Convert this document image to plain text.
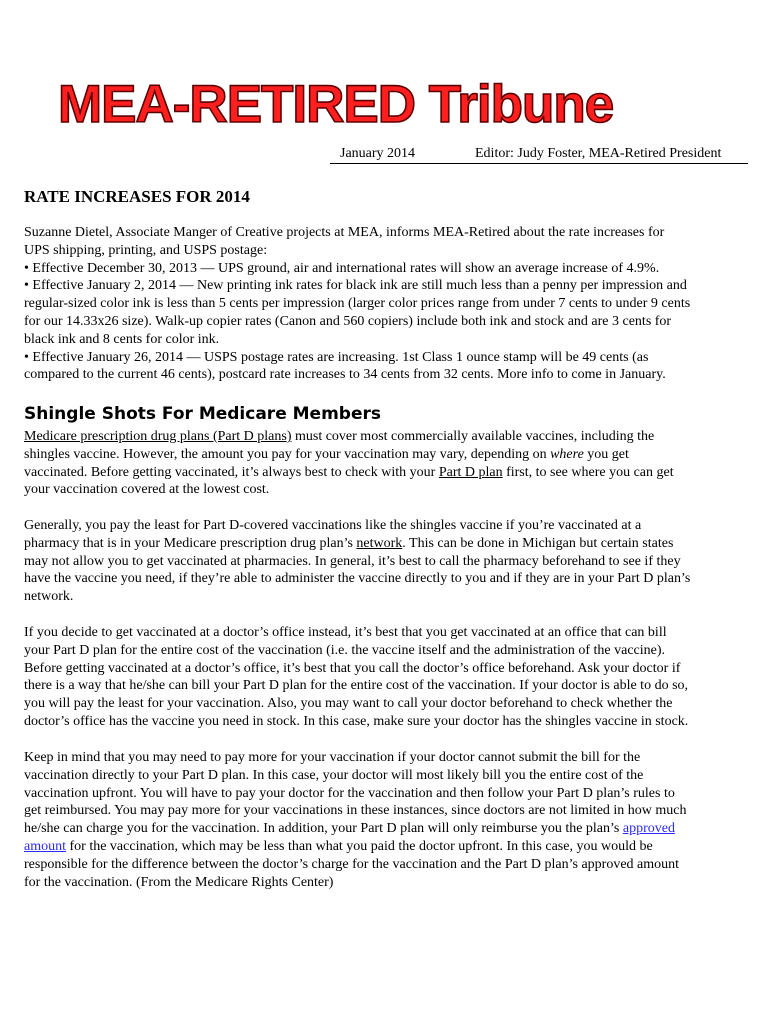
MEA-RETIRED Tribune
January 2014	Editor: Judy Foster, MEA-Retired President
RATE INCREASES FOR 2014

Suzanne Dietel, Associate Manger of Creative projects at MEA, informs MEA-Retired about the rate increases for

UPS shipping, printing, and USPS postage:

• Effective December 30, 2013 — UPS ground, air and international rates will show an average increase of 4.9%.

• Effective January 2, 2014 — New printing ink rates for black ink are still much less than a penny per impression and

regular-sized color ink is less than 5 cents per impression (larger color prices range from under 7 cents to under 9 cents

for our 14.33x26 size). Walk-up copier rates (Canon and 560 copiers) include both ink and stock and are 3 cents for

black ink and 8 cents for color ink.

• Effective January 26, 2014 — USPS postage rates are increasing. 1st Class 1 ounce stamp will be 49 cents (as

compared to the current 46 cents), postcard rate increases to 34 cents from 32 cents. More info to come in January.

Shingle Shots For Medicare Members

Medicare prescription drug plans (Part D plans) must cover most commercially available vaccines, including the

shingles vaccine. However, the amount you pay for your vaccination may vary, depending on where you get

vaccinated. Before getting vaccinated, it’s always best to check with your Part D plan first, to see where you can get

your vaccination covered at the lowest cost.

Generally, you pay the least for Part D-covered vaccinations like the shingles vaccine if you’re vaccinated at a

pharmacy that is in your Medicare prescription drug plan’s network. This can be done in Michigan but certain states

may not allow you to get vaccinated at pharmacies. In general, it’s best to call the pharmacy beforehand to see if they

have the vaccine you need, if they’re able to administer the vaccine directly to you and if they are in your Part D plan’s

network.

If you decide to get vaccinated at a doctor’s office instead, it’s best that you get vaccinated at an office that can bill

your Part D plan for the entire cost of the vaccination (i.e. the vaccine itself and the administration of the vaccine).

Before getting vaccinated at a doctor’s office, it’s best that you call the doctor’s office beforehand. Ask your doctor if

there is a way that he/she can bill your Part D plan for the entire cost of the vaccination. If your doctor is able to do so,

you will pay the least for your vaccination. Also, you may want to call your doctor beforehand to check whether the

doctor’s office has the vaccine you need in stock. In this case, make sure your doctor has the shingles vaccine in stock.

Keep in mind that you may need to pay more for your vaccination if your doctor cannot submit the bill for the

vaccination directly to your Part D plan. In this case, your doctor will most likely bill you the entire cost of the

vaccination upfront. You will have to pay your doctor for the vaccination and then follow your Part D plan’s rules to

get reimbursed. You may pay more for your vaccinations in these instances, since doctors are not limited in how much

he/she can charge you for the vaccination. In addition, your Part D plan will only reimburse you the plan’s approved

amount for the vaccination, which may be less than what you paid the doctor upfront. In this case, you would be

responsible for the difference between the doctor’s charge for the vaccination and the Part D plan’s approved amount

for the vaccination. (From the Medicare Rights Center)
